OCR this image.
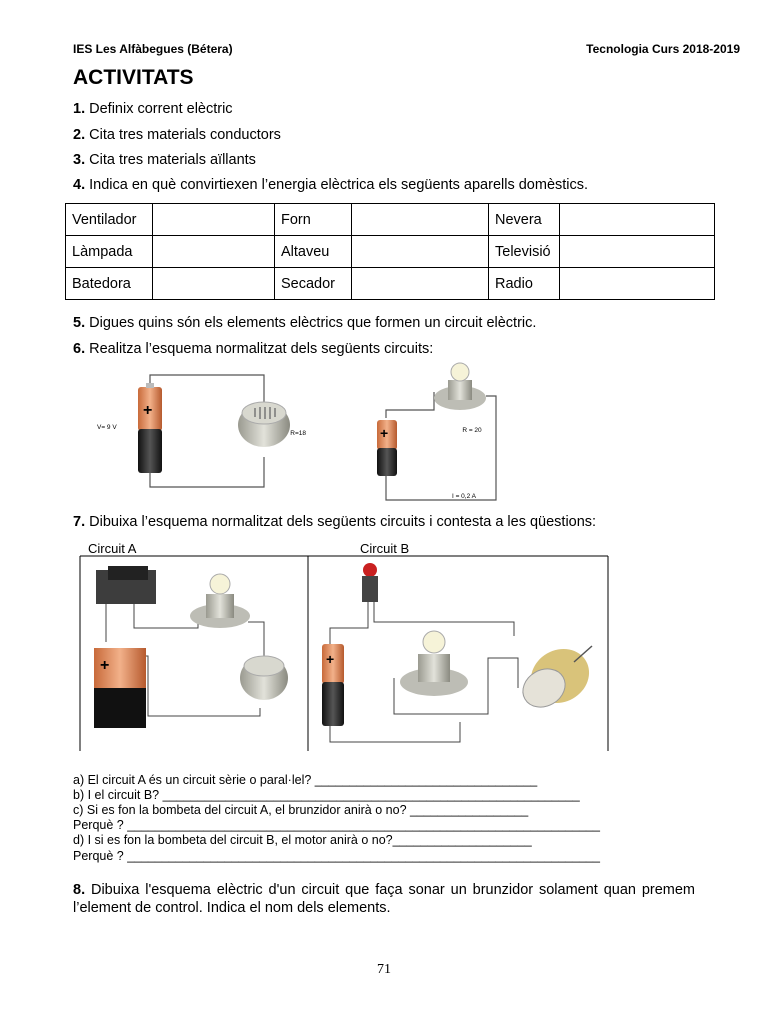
IES Les Alfàbegues (Bétera)	Tecnologia Curs 2018-2019
ACTIVITATS
1. Definix corrent elèctric
2. Cita tres materials conductors
3. Cita tres materials aïllants
4. Indica en què convirtiexen l’energia elèctrica els següents aparells domèstics.
Ventilador		Forn		Nevera	
Làmpada		Altaveu		Televisió	
Batedora		Secador		Radio	
5. Digues quins són els elements elèctrics que formen un circuit elèctric.
6. Realitza l’esquema normalitzat dels següents circuits:
+
V= 9 V
R=18	+	R = 20
I = 0,2 A
7. Dibuixa l’esquema normalitzat dels següents circuits i contesta a les qüestions:
Circuit A	Circuit B
+	+
a) El circuit A és un circuit sèrie o paral·lel? ________________________________
b) I el circuit B? ____________________________________________________________
c) Si es fon la bombeta del circuit A, el brunzidor anirà o no? _________________
Perquè ? ____________________________________________________________________
d) I si es fon la bombeta del circuit B, el motor anirà o no?____________________
Perquè ? ____________________________________________________________________
8. Dibuixa l'esquema elèctric d'un circuit que faça sonar un brunzidor solament quan premem l’element de control. Indica el nom dels elements.
71
